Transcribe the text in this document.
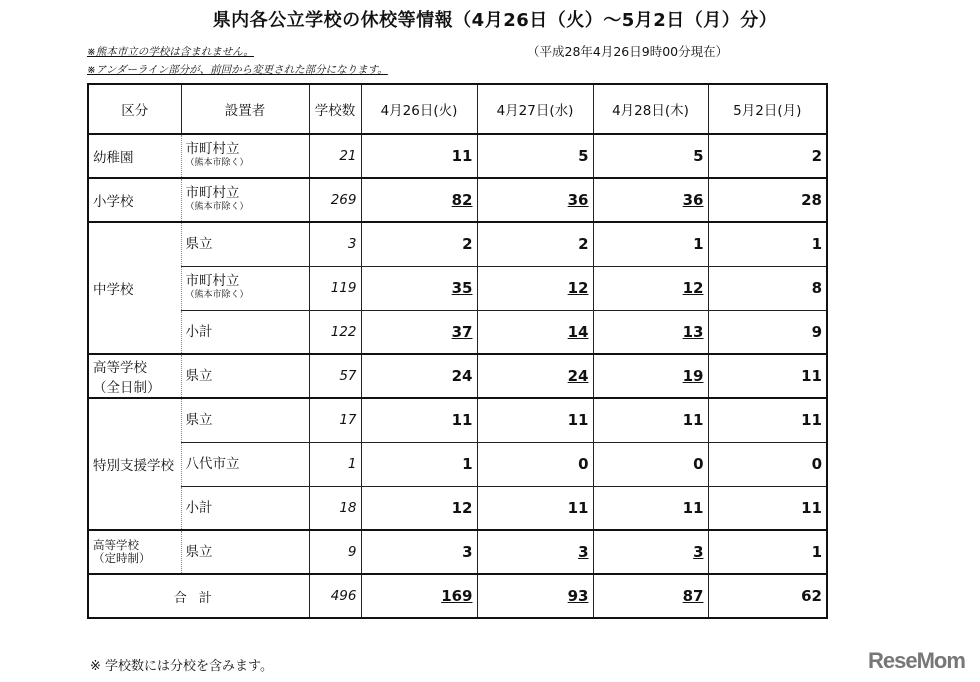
県内各公立学校の休校等情報（4月26日（火）〜5月2日（月）分）
※熊本市立の学校は含まれません。
※アンダーライン部分が、前回から変更された部分になります。
（平成28年4月26日9時00分現在）
区分	設置者	学校数	4月26日(火)	4月27日(水)	4月28日(木)	5月2日(月)
幼稚園	市町村立
（熊本市除く）	21	11	5	5	2
小学校	市町村立
（熊本市除く）	269	82	36	36	28
中学校	県立	3	2	2	1	1
	市町村立
（熊本市除く）	119	35	12	12	8
	小計	122	37	14	13	9
高等学校
（全日制）	県立	57	24	24	19	11
特別支援学校	県立	17	11	11	11	11
	八代市立	1	1	0	0	0
	小計	18	12	11	11	11
高等学校
（定時制）	県立	9	3	3	3	1
合計		496	169	93	87	62
※ 学校数には分校を含みます。	ReseMom
